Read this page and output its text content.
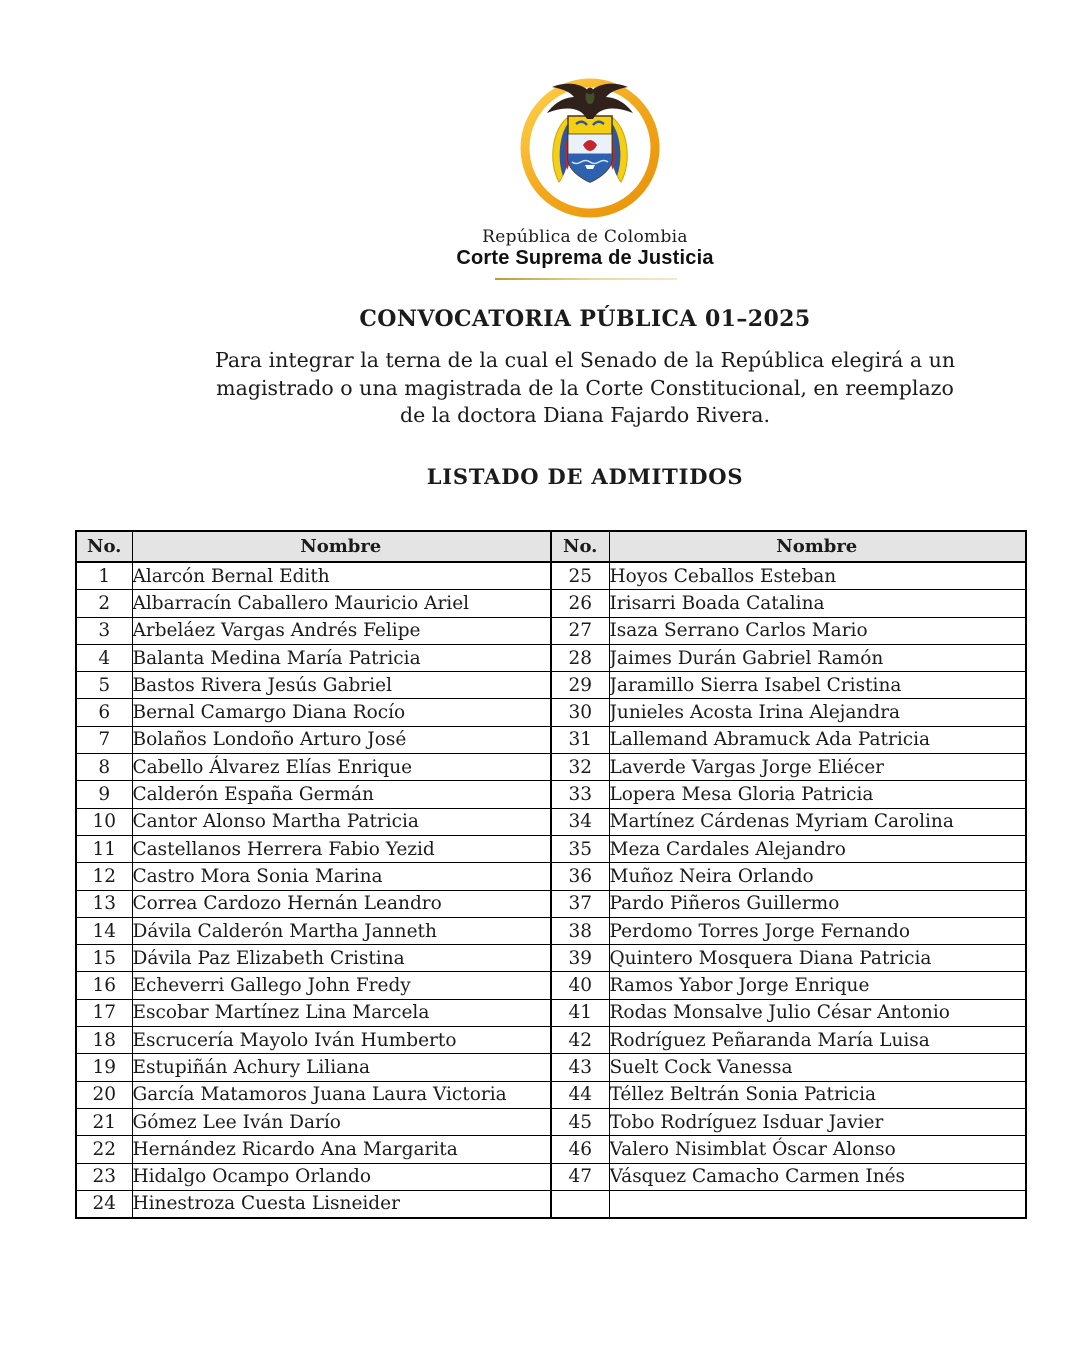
República de Colombia
Corte Suprema de Justicia
CONVOCATORIA PÚBLICA 01–2025
Para integrar la terna de la cual el Senado de la República elegirá a un
magistrado o una magistrada de la Corte Constitucional, en reemplazo
de la doctora Diana Fajardo Rivera.
LISTADO DE ADMITIDOS
No.	Nombre	No.	Nombre
1	Alarcón Bernal Edith	25	Hoyos Ceballos Esteban
2	Albarracín Caballero Mauricio Ariel	26	Irisarri Boada Catalina
3	Arbeláez Vargas Andrés Felipe	27	Isaza Serrano Carlos Mario
4	Balanta Medina María Patricia	28	Jaimes Durán Gabriel Ramón
5	Bastos Rivera Jesús Gabriel	29	Jaramillo Sierra Isabel Cristina
6	Bernal Camargo Diana Rocío	30	Junieles Acosta Irina Alejandra
7	Bolaños Londoño Arturo José	31	Lallemand Abramuck Ada Patricia
8	Cabello Álvarez Elías Enrique	32	Laverde Vargas Jorge Eliécer
9	Calderón España Germán	33	Lopera Mesa Gloria Patricia
10	Cantor Alonso Martha Patricia	34	Martínez Cárdenas Myriam Carolina
11	Castellanos Herrera Fabio Yezid	35	Meza Cardales Alejandro
12	Castro Mora Sonia Marina	36	Muñoz Neira Orlando
13	Correa Cardozo Hernán Leandro	37	Pardo Piñeros Guillermo
14	Dávila Calderón Martha Janneth	38	Perdomo Torres Jorge Fernando
15	Dávila Paz Elizabeth Cristina	39	Quintero Mosquera Diana Patricia
16	Echeverri Gallego John Fredy	40	Ramos Yabor Jorge Enrique
17	Escobar Martínez Lina Marcela	41	Rodas Monsalve Julio César Antonio
18	Escrucería Mayolo Iván Humberto	42	Rodríguez Peñaranda María Luisa
19	Estupiñán Achury Liliana	43	Suelt Cock Vanessa
20	García Matamoros Juana Laura Victoria	44	Téllez Beltrán Sonia Patricia
21	Gómez Lee Iván Darío	45	Tobo Rodríguez Isduar Javier
22	Hernández Ricardo Ana Margarita	46	Valero Nisimblat Óscar Alonso
23	Hidalgo Ocampo Orlando	47	Vásquez Camacho Carmen Inés
24	Hinestroza Cuesta Lisneider		
